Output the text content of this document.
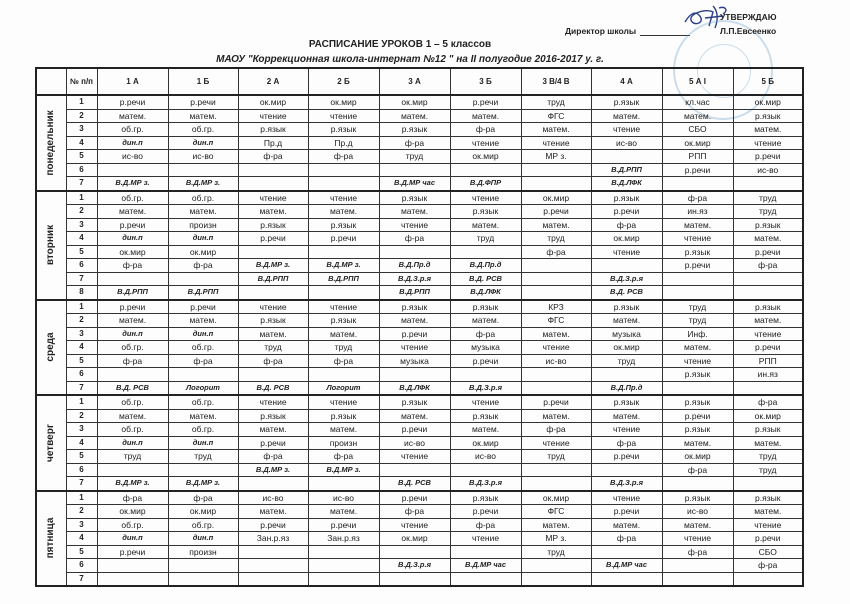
Директор школы
УТВЕРЖДАЮ
Л.П.Евсеенко
РАСПИСАНИЕ УРОКОВ 1 – 5 классов
МАОУ "Коррекционная школа-интернат №12 " на II полугодие 2016-2017 у. г.
	№ п/п	1 А	1 Б	2 А	2 Б	3 А	3 Б	3 В/4 В	4 А	5 А I	5 Б

понедельник	1	р.речи	р.речи	ок.мир	ок.мир	ок.мир	р.речи	труд	р.язык	кл.час	ок.мир
	2	матем.	матем.	чтение	чтение	матем.	матем.	ФГС	матем.	матем.	р.язык
	3	об.гр.	об.гр.	р.язык	р.язык	р.язык	ф-ра	матем.	чтение	СБО	матем.
	4	дин.п	дин.п	Пр.д	Пр.д	ф-ра	чтение	чтение	ис-во	ок.мир	чтение
	5	ис-во	ис-во	ф-ра	ф-ра	труд	ок.мир	МР з.		РПП	р.речи
	6								В.Д.РПП	р.речи	ис-во
	7	В.Д.МР з.	В.Д.МР з.			В.Д.МР час	В.Д.ФПР		В.Д.ЛФК		

вторник	1	об.гр.	об.гр.	чтение	чтение	р.язык	чтение	ок.мир	р.язык	ф-ра	труд
	2	матем.	матем.	матем.	матем.	матем.	р.язык	р.речи	р.речи	ин.яз	труд
	3	р.речи	произн	р.язык	р.язык	чтение	матем.	матем.	ф-ра	матем.	р.язык
	4	дин.п	дин.п	р.речи	р.речи	ф-ра	труд	труд	ок.мир	чтение	матем.
	5	ок.мир	ок.мир					ф-ра	чтение	р.язык	р.речи
	6	ф-ра	ф-ра	В.Д.МР з.	В.Д.МР з.	В.Д.Пр.д	В.Д.Пр.д			р.речи	ф-ра
	7			В.Д.РПП	В.Д.РПП	В.Д.З.р.я	В.Д. РСВ		В.Д.З.р.я		
	8	В.Д.РПП	В.Д.РПП			В.Д.РПП	В.Д.ЛФК		В.Д. РСВ		

среда	1	р.речи	р.речи	чтение	чтение	р.язык	р.язык	КРЗ	р.язык	труд	р.язык
	2	матем.	матем.	р.язык	р.язык	матем.	матем.	ФГС	матем.	труд	матем.
	3	дин.п	дин.п	матем.	матем.	р.речи	ф-ра	матем.	музыка	Инф.	чтение
	4	об.гр.	об.гр.	труд	труд	чтение	музыка	чтение	ок.мир	матем.	р.речи
	5	ф-ра	ф-ра	ф-ра	ф-ра	музыка	р.речи	ис-во	труд	чтение	РПП
	6									р.язык	ин.яз
	7	В.Д. РСВ	Логорит	В.Д. РСВ	Логорит	В.Д.ЛФК	В.Д.З.р.я		В.Д.Пр.д		

четверг	1	об.гр.	об.гр.	чтение	чтение	р.язык	чтение	р.речи	р.язык	р.язык	ф-ра
	2	матем.	матем.	р.язык	р.язык	матем.	р.язык	матем.	матем.	р.речи	ок.мир
	3	об.гр.	об.гр.	матем.	матем.	р.речи	матем.	ф-ра	чтение	р.язык	р.язык
	4	дин.п	дин.п	р.речи	произн	ис-во	ок.мир	чтение	ф-ра	матем.	матем.
	5	труд	труд	ф-ра	ф-ра	чтение	ис-во	труд	р.речи	ок.мир	труд
	6			В.Д.МР з.	В.Д.МР з.					ф-ра	труд
	7	В.Д.МР з.	В.Д.МР з.			В.Д. РСВ	В.Д.З.р.я		В.Д.З.р.я		

пятница	1	ф-ра	ф-ра	ис-во	ис-во	р.речи	р.язык	ок.мир	чтение	р.язык	р.язык
	2	ок.мир	ок.мир	матем.	матем.	ф-ра	р.речи	ФГС	р.речи	ис-во	матем.
	3	об.гр.	об.гр.	р.речи	р.речи	чтение	ф-ра	матем.	матем.	матем.	чтение
	4	дин.п	дин.п	Зан.р.яз	Зан.р.яз	ок.мир	чтение	МР з.	ф-ра	чтение	р.речи
	5	р.речи	произн					труд		ф-ра	СБО
	6					В.Д.З.р.я	В.Д.МР час		В.Д.МР час		ф-ра
	7										
